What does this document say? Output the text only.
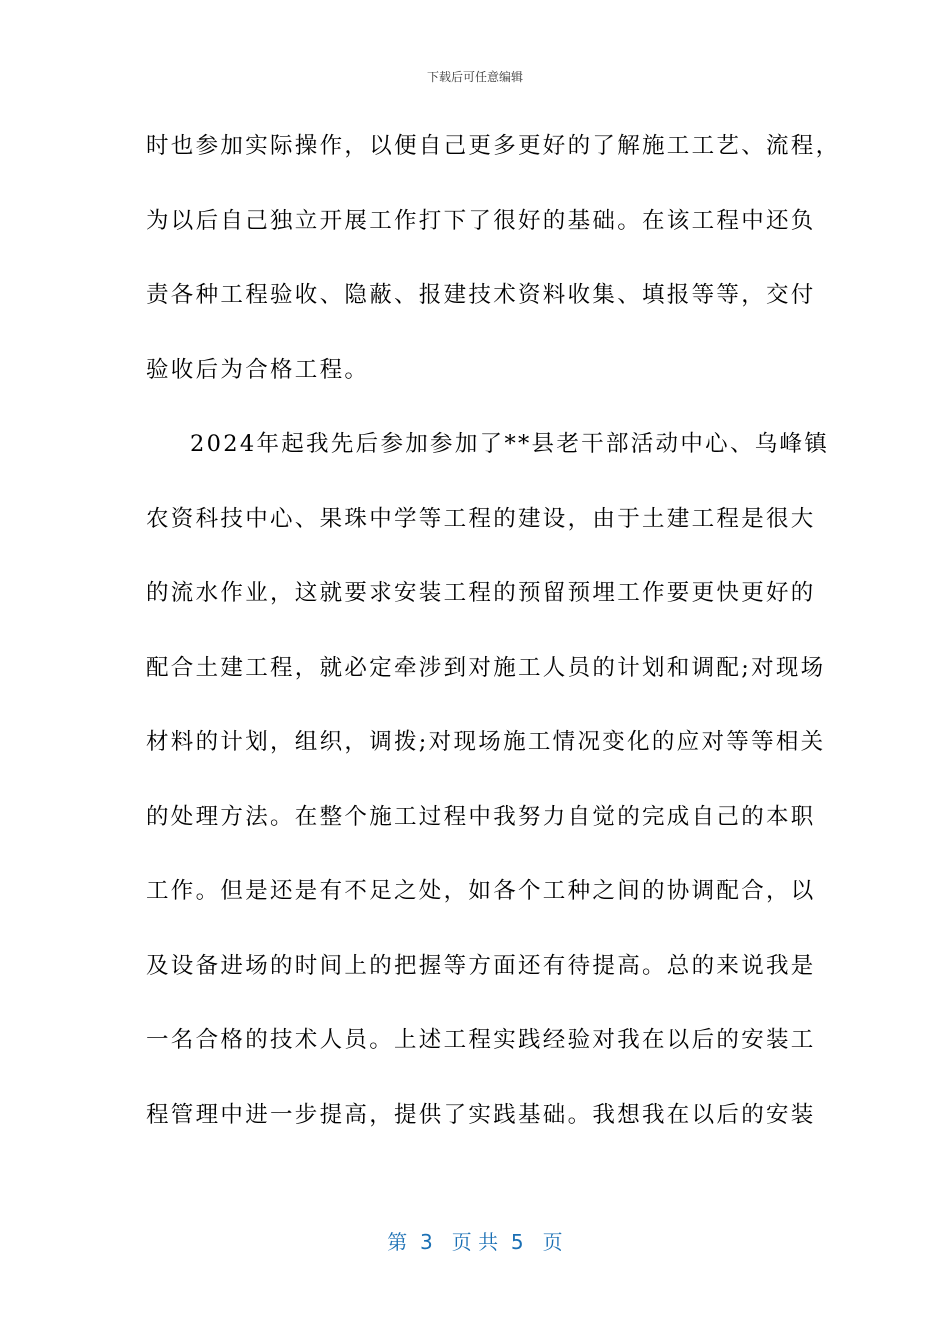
下载后可任意编辑
时也参加实际操作，以便自己更多更好的了解施工工艺、流程，
为以后自己独立开展工作打下了很好的基础。在该工程中还负
责各种工程验收、隐蔽、报建技术资料收集、填报等等，交付
验收后为合格工程。
2024年起我先后参加参加了**县老干部活动中心、乌峰镇
农资科技中心、果珠中学等工程的建设，由于土建工程是很大
的流水作业，这就要求安装工程的预留预埋工作要更快更好的
配合土建工程，就必定牵涉到对施工人员的计划和调配;对现场
材料的计划，组织，调拨;对现场施工情况变化的应对等等相关
的处理方法。在整个施工过程中我努力自觉的完成自己的本职
工作。但是还是有不足之处，如各个工种之间的协调配合，以
及设备进场的时间上的把握等方面还有待提高。总的来说我是
一名合格的技术人员。上述工程实践经验对我在以后的安装工
程管理中进一步提高，提供了实践基础。我想我在以后的安装
第  3   页 共  5   页
